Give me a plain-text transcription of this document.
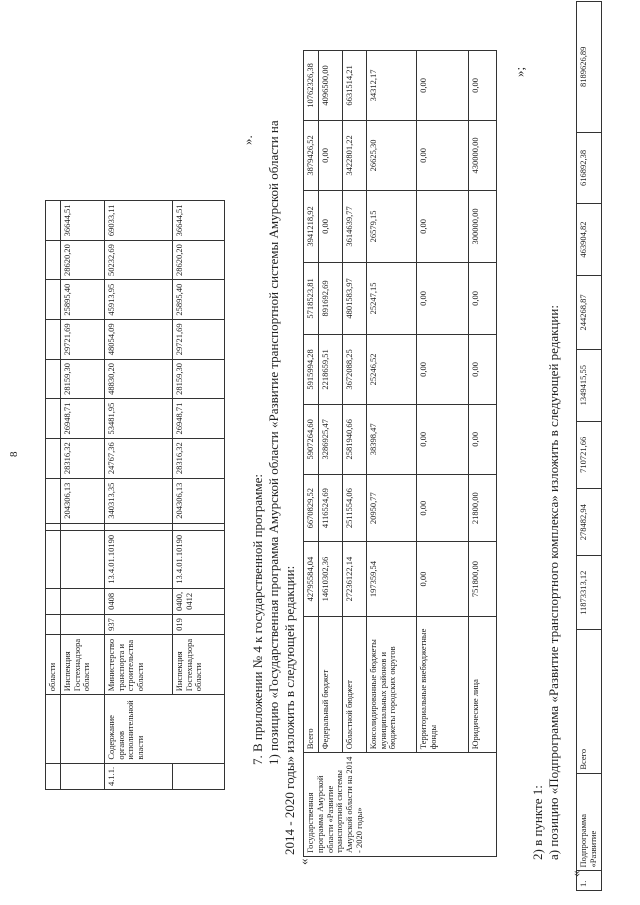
8
		области												
		Инспекция Гостехнадзора области					204306,13	28316,32	26948,71	28159,30	29721,69	25895,40	28620,20	36644,51
4.1.1.	Содержание органов исполнительной власти	Министерство транспорта и строительства области	937	0408	13.4.01.10190		340313,35	24767,36	53481,95	48830,20	48054,09	45913,95	50232,69	69033,11
		Инспекция Гостехнадзора области	019	0400, 0412	13.4.01.10190		204306,13	28316,32	26948,71	28159,30	29721,69	25895,40	28620,20	36644,51
».
7. В приложении № 4 к государственной программе: 1) позицию «Государственная программа Амурской области «Развитие транспортной системы Амурской области на 2014 - 2020 годы» изложить в следующей редакции:
«
Государственная программа Амурской области «Развитие транспортной системы Амурской области на 2014 - 2020 годы»	Всего	42795584,04	6670829,52	5907264,60	5915994,28	5718523,81	3941218,92	3879426,52	10762326,38
	Федеральный бюджет	14610302,36	4116524,69	3286925,47	2218659,51	891692,69	0,00	0,00	4096500,00
	Областной бюджет	27236122,14	2511554,06	2581940,66	3672088,25	4801583,97	3614639,77	3422801,22	6631514,21
	Консолидированные бюджеты муниципальных районов и бюджеты городских округов	197359,54	20950,77	38398,47	25246,52	25247,15	26579,15	26625,30	34312,17
	Территориальные внебюджетные фонды	0,00	0,00	0,00	0,00	0,00	0,00	0,00	0,00
	Юридические лица	751800,00	21800,00	0,00	0,00	0,00	300000,00	430000,00	0,00
»;
2) в пункте 1: а) позицию «Подпрограмма «Развитие транспортного комплекса» изложить в следующей редакции:
«
1.	Подпрограмма «Развитие	Всего	11873313,12	278482,94	710721,66	1349415,55	244268,87	463904,82	616892,38	8189626,89
